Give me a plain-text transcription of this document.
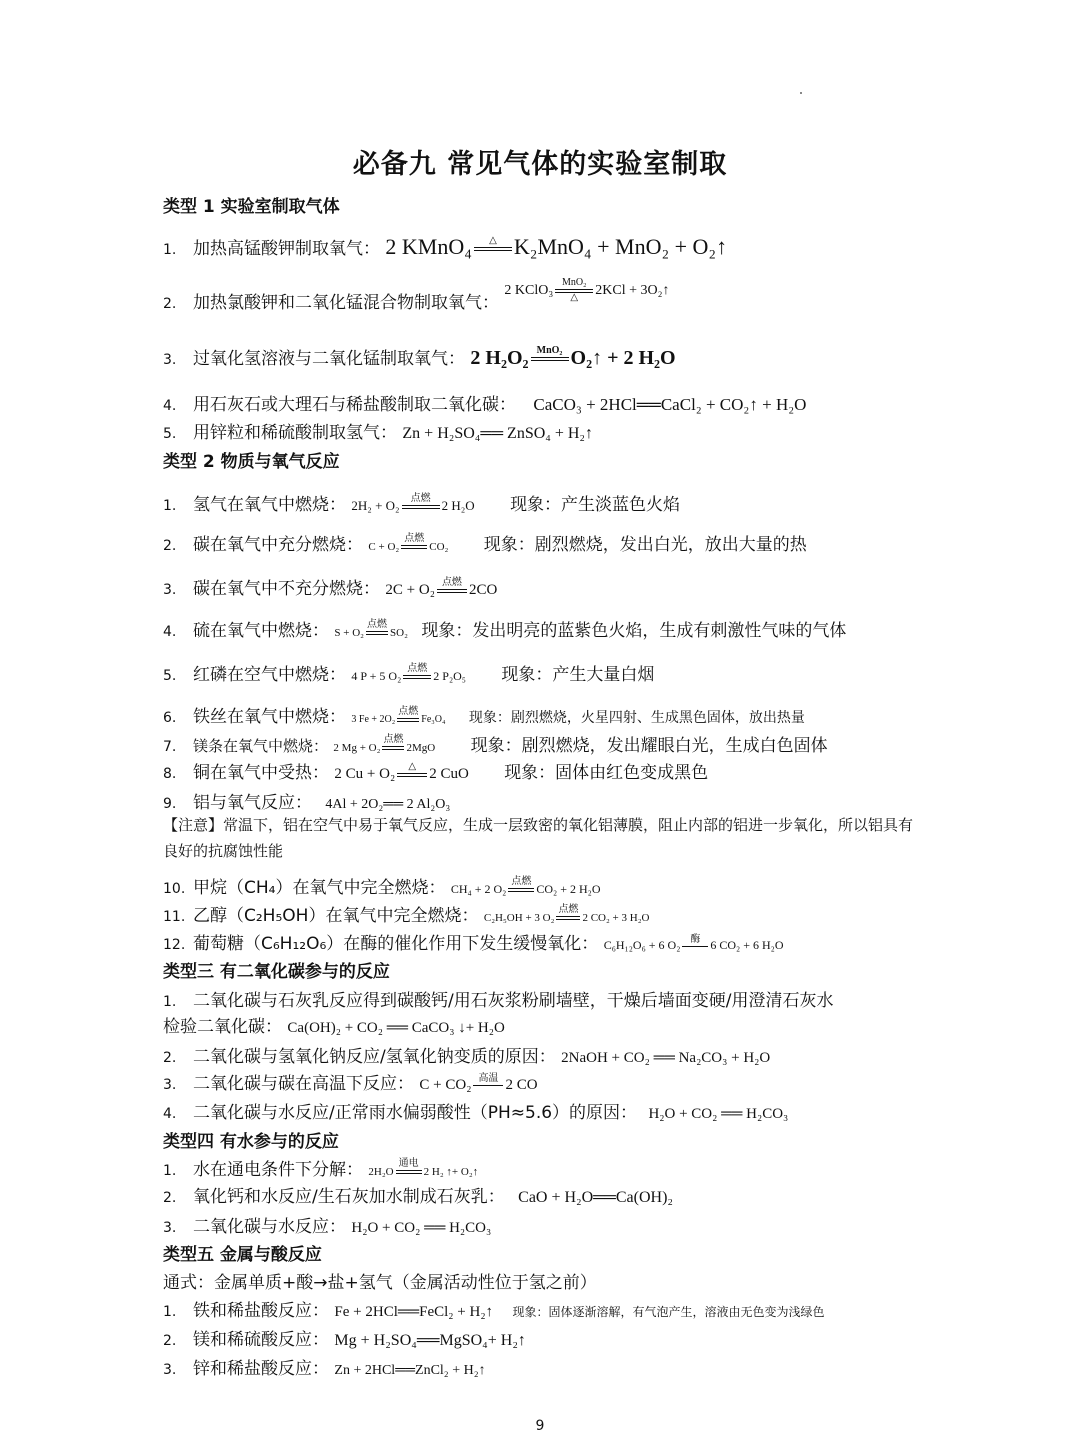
必备九 常见气体的实验室制取
类型 1 实验室制取气体
1. 加热高锰酸钾制取氧气： 2 KMnO₄ △ K₂MnO₄ + MnO₂ + O₂↑
2. 加热氯酸钾和二氧化锰混合物制取氧气： $^{2 KClO_3 MnO_2 \triangle 2KCl + 3O_2↑}$
3. 过氧化氢溶液与二氧化锰制取氧气： 2 H₂O₂ MnO₂ O₂↑ + 2 H₂O
4. 用石灰石或大理石与稀盐酸制取二氧化碳： CaCO₃ + 2HCl══CaCl₂ + CO₂↑ + H₂O
5. 用锌粒和稀硫酸制取氢气： Zn + H₂SO₄══ ZnSO₄ + H₂↑
类型 2 物质与氧气反应
1. 氢气在氧气中燃烧： 2H₂ + O₂ 点燃 2 H₂O 现象：产生淡蓝色火焰
2. 碳在氧气中充分燃烧： C + O₂
点燃
CO₂ 现象：剧烈燃烧，发出白光，放出大量的热
3. 碳在氧气中不充分燃烧： 2C + O₂ 点燃 2CO
4. 硫在氧气中燃烧： S + O₂
点燃
SO₂ 现象：发出明亮的蓝紫色火焰，生成有刺激性气味的气体
5. 红磷在空气中燃烧： 4 P + 5 O₂
点燃
2 P₂O₅ 现象：产生大量白烟
6. 铁丝在氧气中燃烧： 3 Fe + 2O₂
点燃
Fe₃O₄ 现象：剧烈燃烧，火星四射、生成黑色固体，放出热量
7. 镁条在氧气中燃烧： 2 Mg + O₂
点燃
2MgO 现象：剧烈燃烧，发出耀眼白光，生成白色固体
8. 铜在氧气中受热： 2 Cu + O₂ △ 2 CuO 现象：固体由红色变成黑色
9. 铝与氧气反应： 4Al + 2O₂══ 2 Al₂O₃
【注意】常温下，铝在空气中易于氧气反应，生成一层致密的氧化铝薄膜，阻止内部的铝进一步氧化，所以铝具有良好的抗腐蚀性能
10. 甲烷（CH₄）在氧气中完全燃烧： CH₄ + 2 O₂
点燃
CO₂ + 2 H₂O
11. 乙醇（C₂H₅OH）在氧气中完全燃烧： C₂H₅OH + 3 O₂
点燃
2 CO₂ + 3 H₂O
12. 葡萄糖（C₆H₁₂O₆）在酶的催化作用下发生缓慢氧化： C₆H₁₂O₆ + 6 O₂ 酶 6 CO₂ + 6 H₂O
类型三 有二氧化碳参与的反应
1. 二氧化碳与石灰乳反应得到碳酸钙/用石灰浆粉刷墙壁，干燥后墙面变硬/用澄清石灰水
检验二氧化碳： Ca(OH)₂ + CO₂ ══ CaCO₃ ↓+ H₂O
2. 二氧化碳与氢氧化钠反应/氢氧化钠变质的原因： 2NaOH + CO₂ ══ Na₂CO₃ + H₂O
3. 二氧化碳与碳在高温下反应： C + CO₂ 高温 2 CO
4. 二氧化碳与水反应/正常雨水偏弱酸性（PH≈5.6）的原因： H₂O + CO₂ ══ H₂CO₃
类型四 有水参与的反应
1. 水在通电条件下分解： 2H₂O
通电
2 H₂ ↑+ O₂↑
2. 氧化钙和水反应/生石灰加水制成石灰乳： CaO + H₂O══Ca(OH)₂
3. 二氧化碳与水反应： H₂O + CO₂ ══ H₂CO₃
类型五 金属与酸反应
通式：金属单质+酸→盐+氢气（金属活动性位于氢之前）
1. 铁和稀盐酸反应： Fe + 2HCl══FeCl₂ + H₂↑ 现象：固体逐渐溶解，有气泡产生，溶液由无色变为浅绿色
2. 镁和稀硫酸反应： Mg + H₂SO₄══MgSO₄+ H₂↑
3. 锌和稀盐酸反应： Zn + 2HCl══ZnCl₂ + H₂↑
9
